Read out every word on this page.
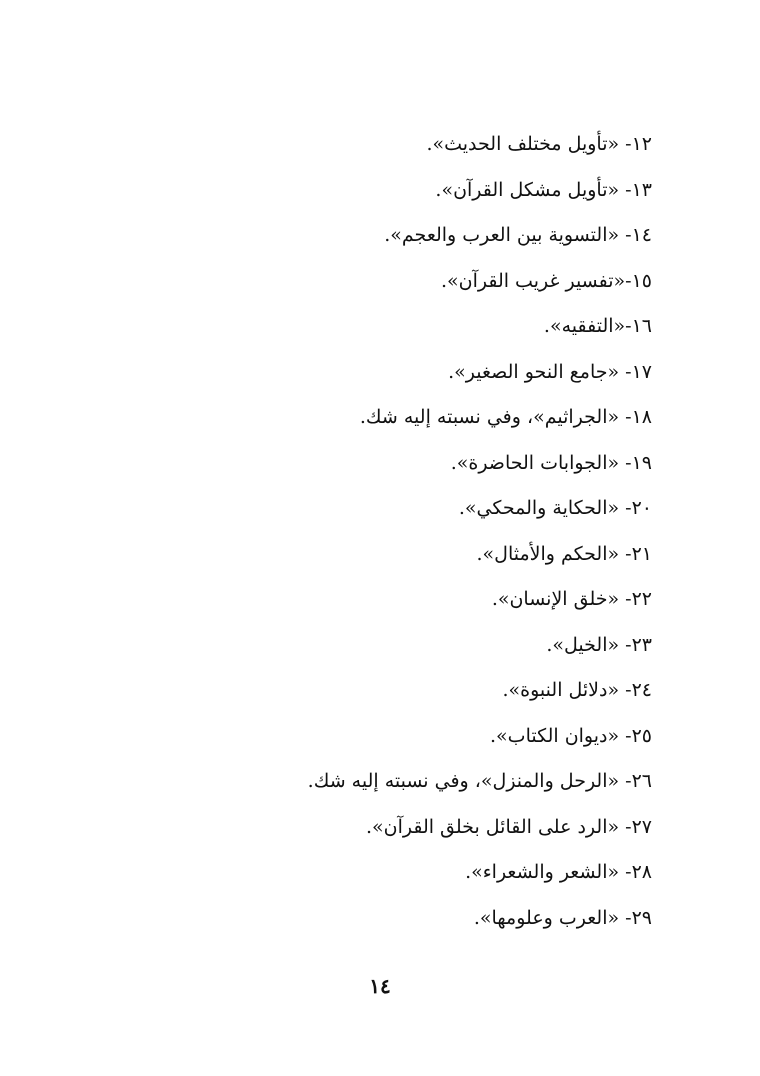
١٢- «تأويل مختلف الحديث».
١٣- «تأويل مشكل القرآن».
١٤- «التسوية بين العرب والعجم».
١٥-«تفسير غريب القرآن».
١٦-«التفقيه».
١٧- «جامع النحو الصغير».
١٨- «الجراثيم»، وفي نسبته إليه شك.
١٩- «الجوابات الحاضرة».
٢٠- «الحكاية والمحكي».
٢١- «الحكم والأمثال».
٢٢- «خلق الإنسان».
٢٣- «الخيل».
٢٤- «دلائل النبوة».
٢٥- «ديوان الكتاب».
٢٦- «الرحل والمنزل»، وفي نسبته إليه شك.
٢٧- «الرد على القائل بخلق القرآن».
٢٨- «الشعر والشعراء».
٢٩- «العرب وعلومها».
١٤
